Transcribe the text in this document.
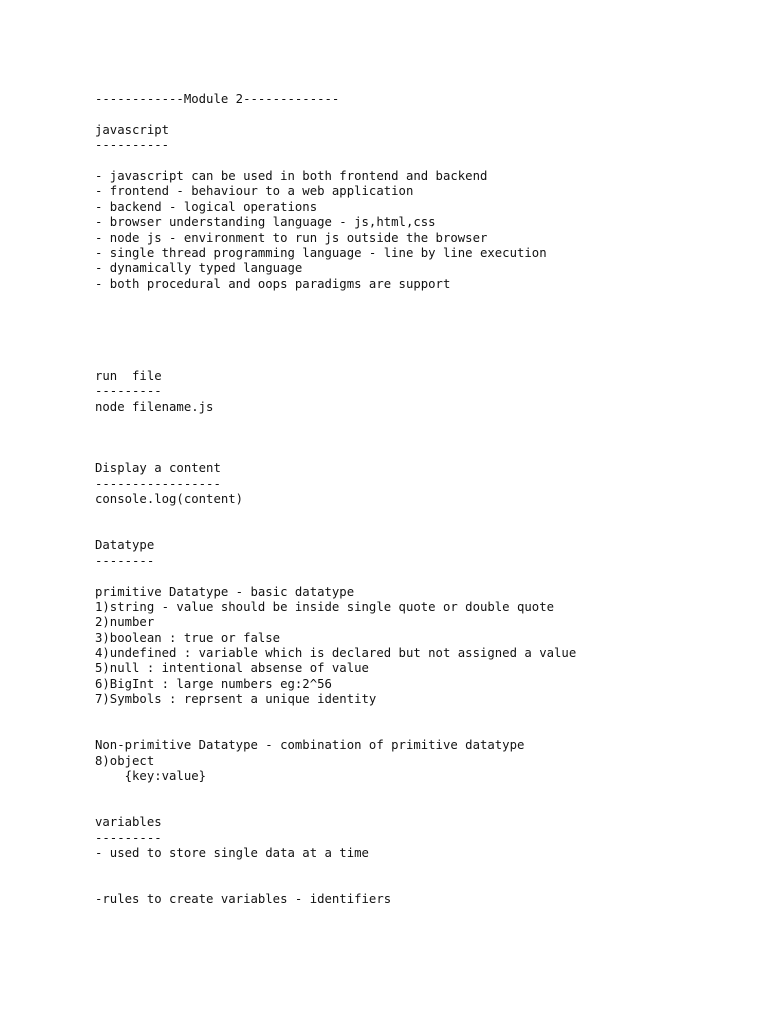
------------Module 2-------------
javascript
----------
- javascript can be used in both frontend and backend
- frontend - behaviour to a web application
- backend - logical operations
- browser understanding language - js,html,css
- node js - environment to run js outside the browser
- single thread programming language - line by line execution
- dynamically typed language
- both procedural and oops paradigms are support
run  file
---------
node filename.js
Display a content
-----------------
console.log(content)
Datatype
--------
primitive Datatype - basic datatype
1)string - value should be inside single quote or double quote
2)number
3)boolean : true or false
4)undefined : variable which is declared but not assigned a value
5)null : intentional absense of value
6)BigInt : large numbers eg:2^56
7)Symbols : reprsent a unique identity
Non-primitive Datatype - combination of primitive datatype
8)object
{key:value}
variables
---------
- used to store single data at a time
-rules to create variables - identifiers
